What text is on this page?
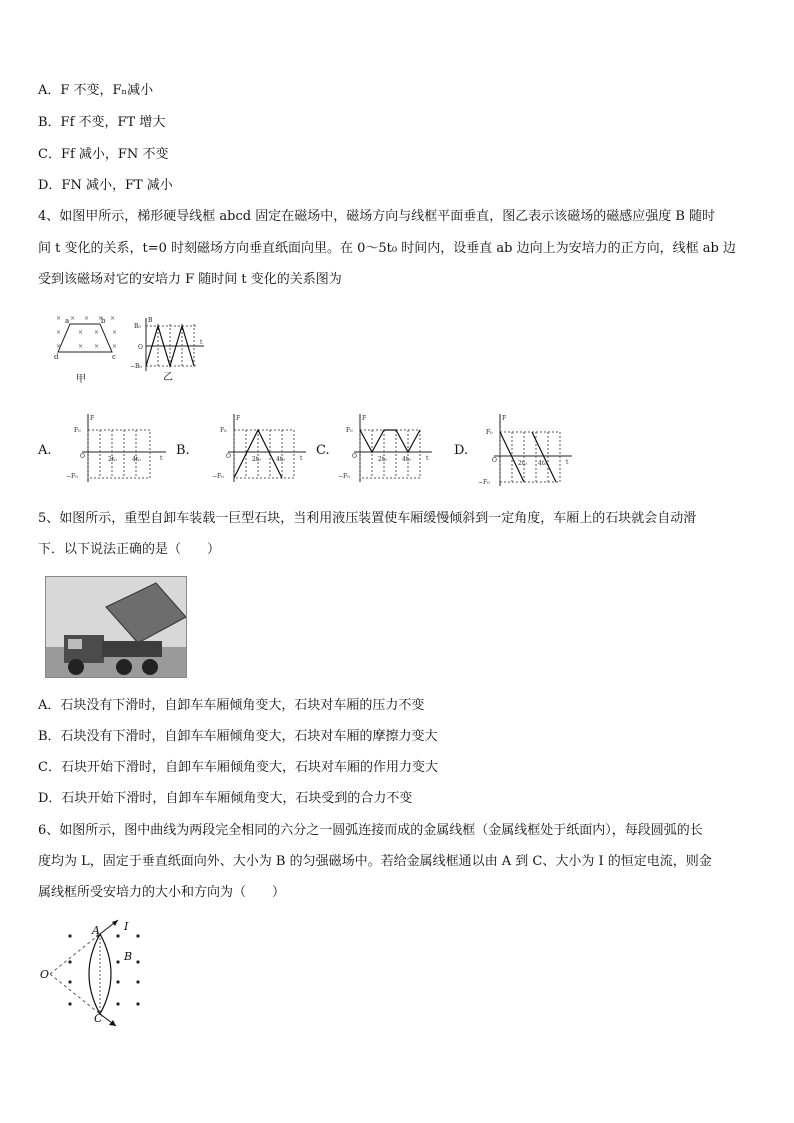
A．F 不变，Fₙ减小
B．Ff 不变，FT 增大
C．Ff 减小，FN 不变
D．FN 减小，FT 减小
4、如图甲所示，梯形硬导线框 abcd 固定在磁场中，磁场方向与线框平面垂直，图乙表示该磁场的磁感应强度 B 随时
间 t 变化的关系，t=0 时刻磁场方向垂直纸面向里。在 0～5t₀ 时间内，设垂直 ab 边向上为安培力的正方向，线框 ab 边
受到该磁场对它的安培力 F 随时间 t 变化的关系图为
× × × × ×
×	× × ×
×	× × ×
a	b
c
d
甲
B
B₀
O
−B₀
t
乙
A.
F
F₀
O
−F₀
t
2t₀	4t₀
B.
F
F₀
O
−F₀
t
2t₀	4t₀
C.
F
F₀
O
−F₀
t
2t₀	4t₀
D.
F
F₀
O
−F₀
t
2t₀ 4t₀
5、如图所示，重型自卸车装载一巨型石块，当利用液压装置使车厢缓慢倾斜到一定角度，车厢上的石块就会自动滑
下．以下说法正确的是（　　）
A．石块没有下滑时，自卸车车厢倾角变大，石块对车厢的压力不变
B．石块没有下滑时，自卸车车厢倾角变大，石块对车厢的摩擦力变大
C．石块开始下滑时，自卸车车厢倾角变大，石块对车厢的作用力变大
D．石块开始下滑时，自卸车车厢倾角变大，石块受到的合力不变
6、如图所示，图中曲线为两段完全相同的六分之一圆弧连接而成的金属线框（金属线框处于纸面内），每段圆弧的长
度均为 L，固定于垂直纸面向外、大小为 B 的匀强磁场中。若给金属线框通以由 A 到 C、大小为 I 的恒定电流，则金
属线框所受安培力的大小和方向为（　　）
A I
B
O
C
